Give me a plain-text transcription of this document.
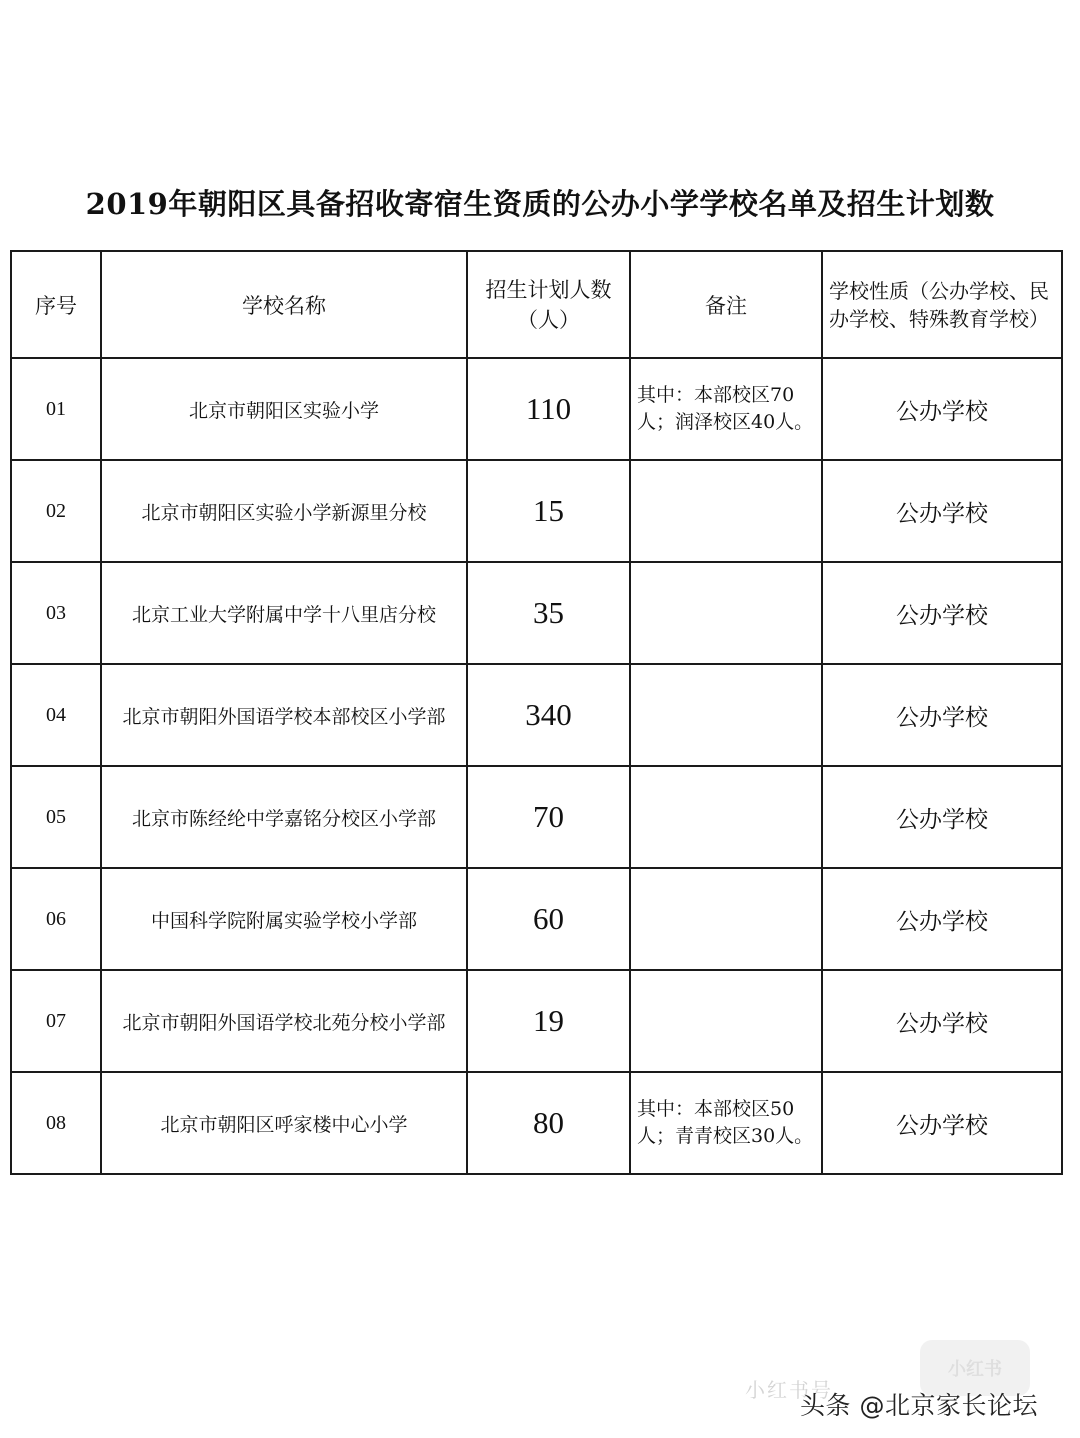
2019年朝阳区具备招收寄宿生资质的公办小学学校名单及招生计划数
序号	学校名称	招生计划人数（人）	备注	学校性质（公办学校、民办学校、特殊教育学校）
01	北京市朝阳区实验小学	110	其中：本部校区70人；润泽校区40人。	公办学校
02	北京市朝阳区实验小学新源里分校	15		公办学校
03	北京工业大学附属中学十八里店分校	35		公办学校
04	北京市朝阳外国语学校本部校区小学部	340		公办学校
05	北京市陈经纶中学嘉铭分校区小学部	70		公办学校
06	中国科学院附属实验学校小学部	60		公办学校
07	北京市朝阳外国语学校北苑分校小学部	19		公办学校
08	北京市朝阳区呼家楼中心小学	80	其中：本部校区50人；青青校区30人。	公办学校
小红书
小红书号
头条 @北京家长论坛
